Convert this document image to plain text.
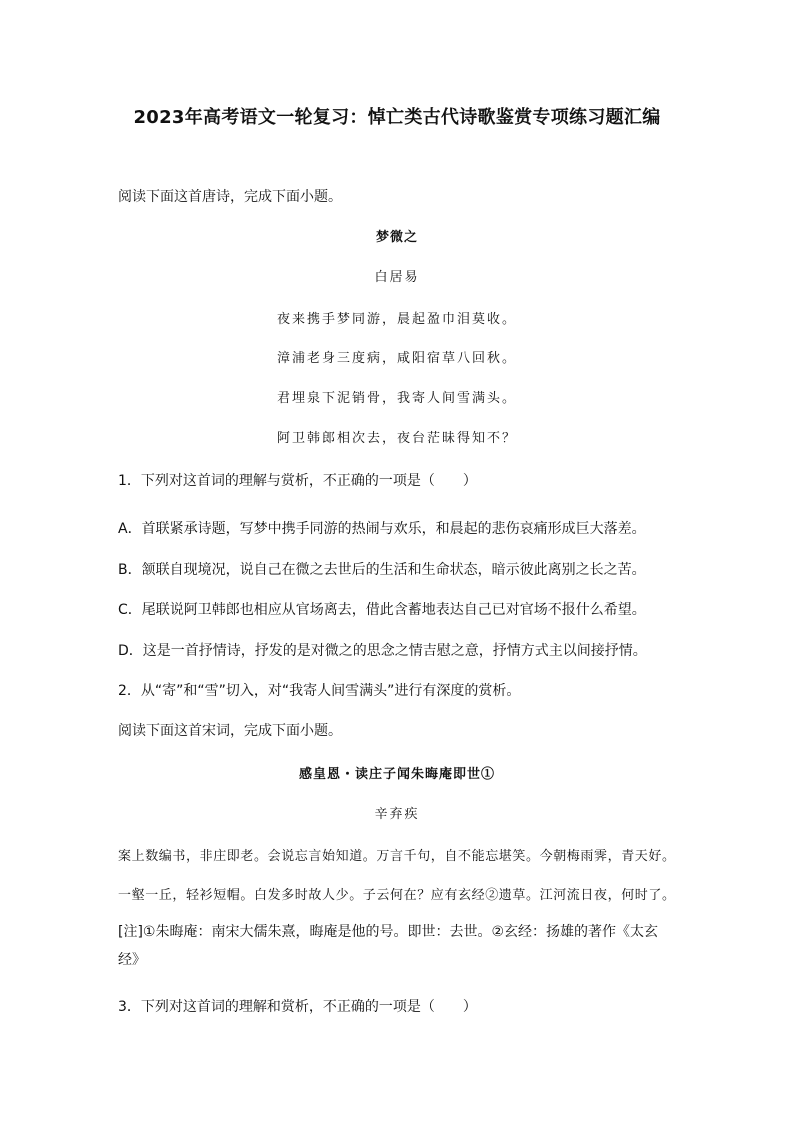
2023年高考语文一轮复习：悼亡类古代诗歌鉴赏专项练习题汇编
阅读下面这首唐诗，完成下面小题。
梦微之
白居易
夜来携手梦同游，晨起盈巾泪莫收。
漳浦老身三度病，咸阳宿草八回秋。
君埋泉下泥销骨，我寄人间雪满头。
阿卫韩郎相次去，夜台茫昧得知不？
1．下列对这首词的理解与赏析，不正确的一项是（　　）
A．首联紧承诗题，写梦中携手同游的热闹与欢乐，和晨起的悲伤哀痛形成巨大落差。
B．颔联自现境况，说自己在微之去世后的生活和生命状态，暗示彼此离别之长之苦。
C．尾联说阿卫韩郎也相应从官场离去，借此含蓄地表达自己已对官场不报什么希望。
D．这是一首抒情诗，抒发的是对微之的思念之情吉慰之意，抒情方式主以间接抒情。
2．从“寄”和“雪”切入，对“我寄人间雪满头”进行有深度的赏析。
阅读下面这首宋词，完成下面小题。
感皇恩・读庄子闻朱晦庵即世①
辛弃疾
案上数编书，非庄即老。会说忘言始知道。万言千句，自不能忘堪笑。今朝梅雨霁，青天好。
一壑一丘，轻衫短帽。白发多时故人少。子云何在？应有玄经②遗草。江河流日夜，何时了。
[注]①朱晦庵：南宋大儒朱熹，晦庵是他的号。即世：去世。②玄经：扬雄的著作《太玄经》
3．下列对这首词的理解和赏析，不正确的一项是（　　）
